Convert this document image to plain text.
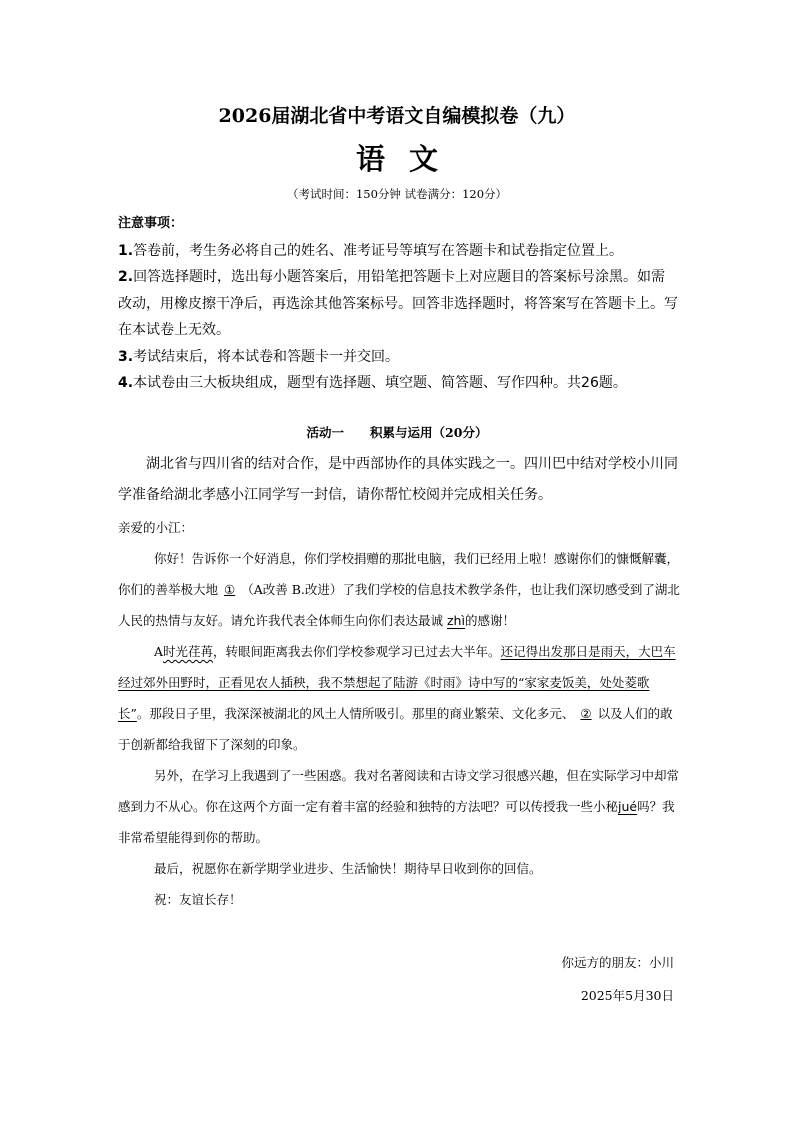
2026届湖北省中考语文自编模拟卷（九）
语文
（考试时间：150分钟 试卷满分：120分）
注意事项：
1.答卷前，考生务必将自己的姓名、准考证号等填写在答题卡和试卷指定位置上。
2.回答选择题时，选出每小题答案后，用铅笔把答题卡上对应题目的答案标号涂黑。如需改动，用橡皮擦干净后，再选涂其他答案标号。回答非选择题时，将答案写在答题卡上。写在本试卷上无效。
3.考试结束后，将本试卷和答题卡一并交回。
4.本试卷由三大板块组成，题型有选择题、填空题、简答题、写作四种。共26题。
活动一 积累与运用（20分）
湖北省与四川省的结对合作，是中西部协作的具体实践之一。四川巴中结对学校小川同学准备给湖北孝感小江同学写一封信，请你帮忙校阅并完成相关任务。

亲爱的小江：

你好！告诉你一个好消息，你们学校捐赠的那批电脑，我们已经用上啦！感谢你们的慷慨解囊，你们的善举极大地 ① （A改善 B.改进）了我们学校的信息技术教学条件，也让我们深切感受到了湖北人民的热情与友好。请允许我代表全体师生向你们表达最诚 zhì的感谢！

A时光荏苒，转眼间距离我去你们学校参观学习已过去大半年。还记得出发那日是雨天，大巴车经过郊外田野时，正看见农人插秧，我不禁想起了陆游《时雨》诗中写的“家家麦饭美，处处菱歌长”。那段日子里，我深深被湖北的风土人情所吸引。那里的商业繁荣、文化多元、 ② 以及人们的敢于创新都给我留下了深刻的印象。

另外，在学习上我遇到了一些困惑。我对名著阅读和古诗文学习很感兴趣，但在实际学习中却常感到力不从心。你在这两个方面一定有着丰富的经验和独特的方法吧？可以传授我一些小秘jué吗？我非常希望能得到你的帮助。

最后，祝愿你在新学期学业进步、生活愉快！期待早日收到你的回信。

祝：友谊长存！

你远方的朋友：小川
2025年5月30日
